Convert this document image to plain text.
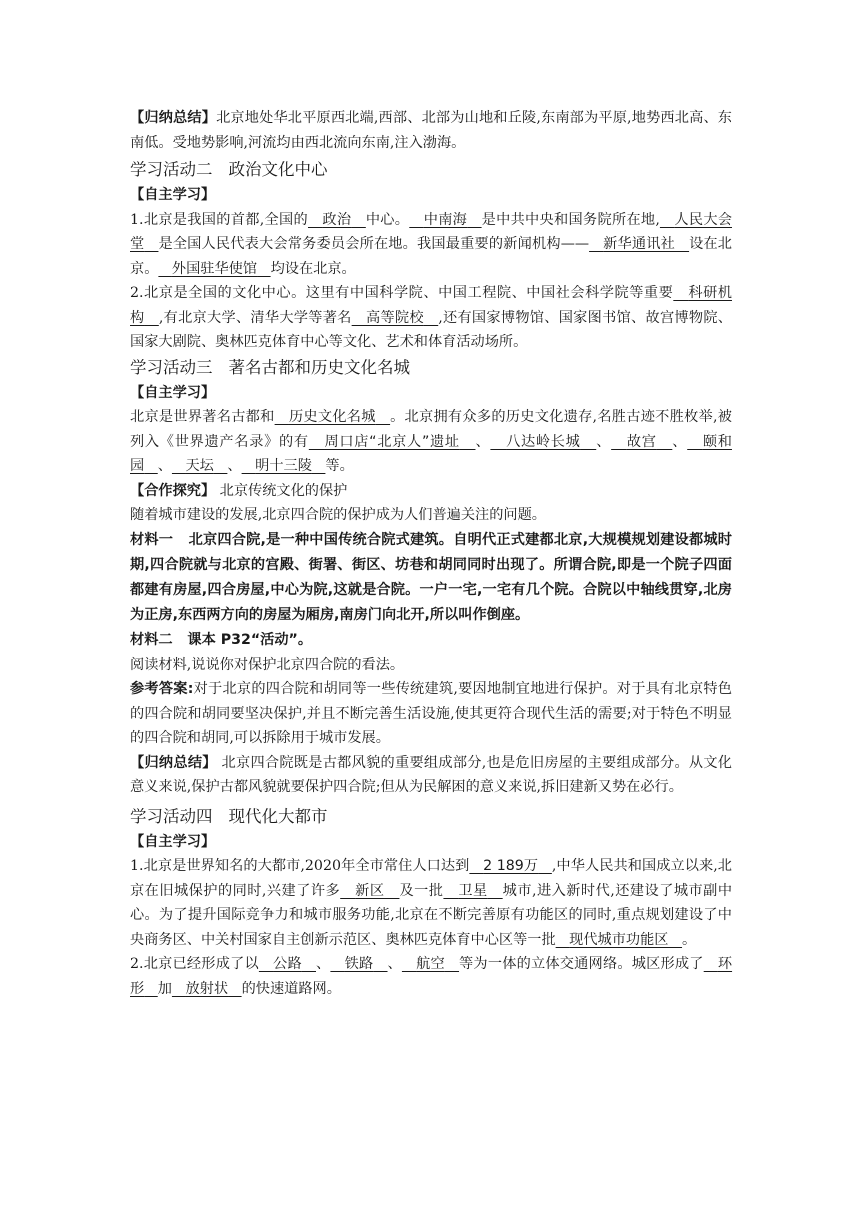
【归纳总结】北京地处华北平原西北端,西部、北部为山地和丘陵,东南部为平原,地势西北高、东南低。受地势影响,河流均由西北流向东南,注入渤海。

学习活动二 政治文化中心

【自主学习】

1.北京是我国的首都,全国的 政治 中心。 中南海 是中共中央和国务院所在地, 人民大会堂 是全国人民代表大会常务委员会所在地。我国最重要的新闻机构—— 新华通讯社 设在北京。 外国驻华使馆 均设在北京。

2.北京是全国的文化中心。这里有中国科学院、中国工程院、中国社会科学院等重要 科研机构 ,有北京大学、清华大学等著名 高等院校 ,还有国家博物馆、国家图书馆、故宫博物院、国家大剧院、奥林匹克体育中心等文化、艺术和体育活动场所。

学习活动三 著名古都和历史文化名城

【自主学习】

北京是世界著名古都和 历史文化名城 。北京拥有众多的历史文化遗存,名胜古迹不胜枚举,被列入《世界遗产名录》的有 周口店“北京人”遗址 、 八达岭长城 、 故宫 、 颐和园 、 天坛 、 明十三陵 等。

【合作探究】 北京传统文化的保护

随着城市建设的发展,北京四合院的保护成为人们普遍关注的问题。

材料一 北京四合院,是一种中国传统合院式建筑。自明代正式建都北京,大规模规划建设都城时期,四合院就与北京的宫殿、街署、街区、坊巷和胡同同时出现了。所谓合院,即是一个院子四面都建有房屋,四合房屋,中心为院,这就是合院。一户一宅,一宅有几个院。合院以中轴线贯穿,北房为正房,东西两方向的房屋为厢房,南房门向北开,所以叫作倒座。

材料二 课本 P32“活动”。

阅读材料,说说你对保护北京四合院的看法。

参考答案:对于北京的四合院和胡同等一些传统建筑,要因地制宜地进行保护。对于具有北京特色的四合院和胡同要坚决保护,并且不断完善生活设施,使其更符合现代生活的需要;对于特色不明显的四合院和胡同,可以拆除用于城市发展。

【归纳总结】 北京四合院既是古都风貌的重要组成部分,也是危旧房屋的主要组成部分。从文化意义来说,保护古都风貌就要保护四合院;但从为民解困的意义来说,拆旧建新又势在必行。

学习活动四 现代化大都市

【自主学习】

1.北京是世界知名的大都市,2020年全市常住人口达到 2 189万 ,中华人民共和国成立以来,北京在旧城保护的同时,兴建了许多 新区 及一批 卫星 城市,进入新时代,还建设了城市副中心。为了提升国际竞争力和城市服务功能,北京在不断完善原有功能区的同时,重点规划建设了中央商务区、中关村国家自主创新示范区、奥林匹克体育中心区等一批 现代城市功能区 。

2.北京已经形成了以 公路 、 铁路 、 航空 等为一体的立体交通网络。城区形成了 环形 加 放射状 的快速道路网。
